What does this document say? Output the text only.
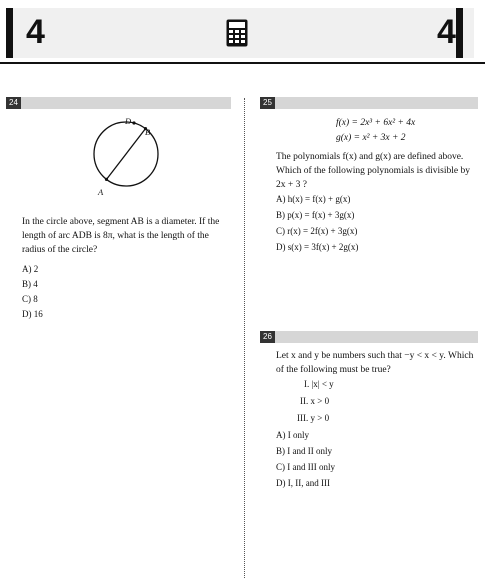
4	4
24
A
B
D
In the circle above, segment AB is a diameter. If the length of arc ADB is 8π, what is the length of the radius of the circle?
A) 2
B) 4
C) 8
D) 16
25
f(x) = 2x³ + 6x² + 4x
g(x) = x² + 3x + 2
The polynomials f(x) and g(x) are defined above. Which of the following polynomials is divisible by 2x + 3 ?
A) h(x) = f(x) + g(x)
B) p(x) = f(x) + 3g(x)
C) r(x) = 2f(x) + 3g(x)
D) s(x) = 3f(x) + 2g(x)
26
Let x and y be numbers such that −y < x < y. Which of the following must be true?
I. |x| < y
II. x > 0
III. y > 0
A) I only
B) I and II only
C) I and III only
D) I, II, and III
